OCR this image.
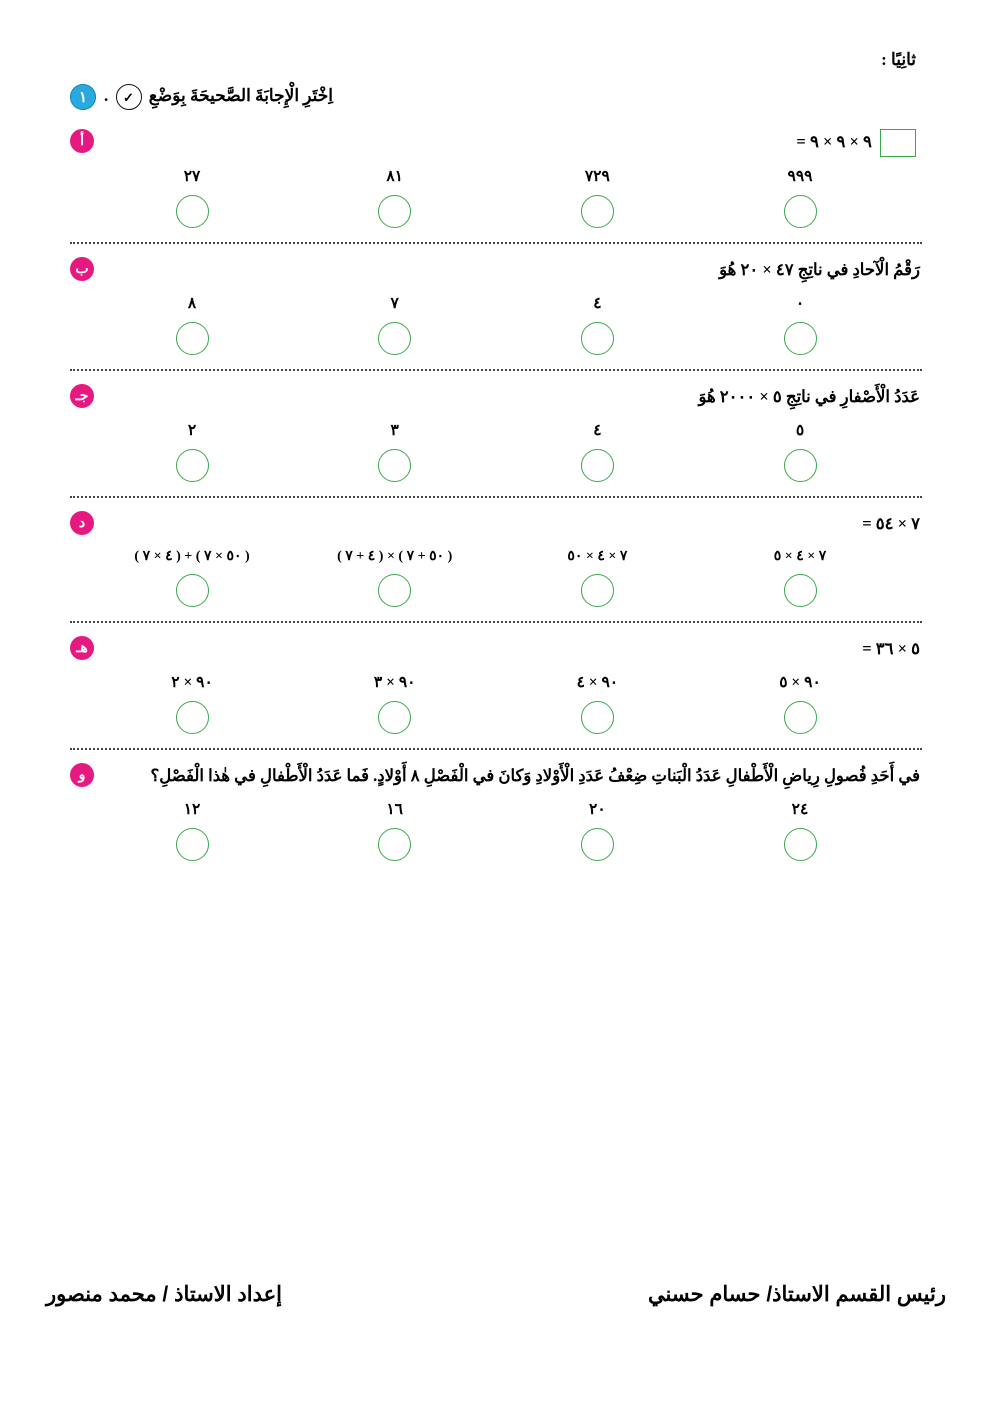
ثانِيًا :
١	اِخْتَرِ الْإِجابَةَ الصَّحيحَةَ بِوَضْعِ ✓ .
أ	٩ × ٩ × ٩ =
٢٧	٨١	٧٢٩	٩٩٩
ب	رَقْمُ الْآحادِ في ناتِجِ ٤٧ × ٢٠ هُوَ
٨	٧	٤	٠
جـ	عَدَدُ الْأَصْفارِ في ناتِجِ ٥ × ٢٠٠٠ هُوَ
٢	٣	٤	٥
د	٧ × ٥٤ =
( ٥٠ × ٧ ) + ( ٤ × ٧ )	( ٥٠ + ٧ ) × ( ٤ + ٧ )	٧ × ٤ × ٥٠	٧ × ٤ × ٥
هـ	٥ × ٣٦ =
٩٠ × ٢	٩٠ × ٣	٩٠ × ٤	٩٠ × ٥
و	في أَحَدِ فُصولِ رِياضِ الْأَطْفالِ عَدَدُ الْبَناتِ ضِعْفُ عَدَدِ الْأَوْلادِ وَكانَ في الْفَصْلِ ٨ أَوْلادٍ. فَما عَدَدُ الْأَطْفالِ في هٰذا الْفَصْلِ؟
١٢	١٦	٢٠	٢٤
إعداد الاستاذ / محمد منصور	رئيس القسم الاستاذ/ حسام حسني
